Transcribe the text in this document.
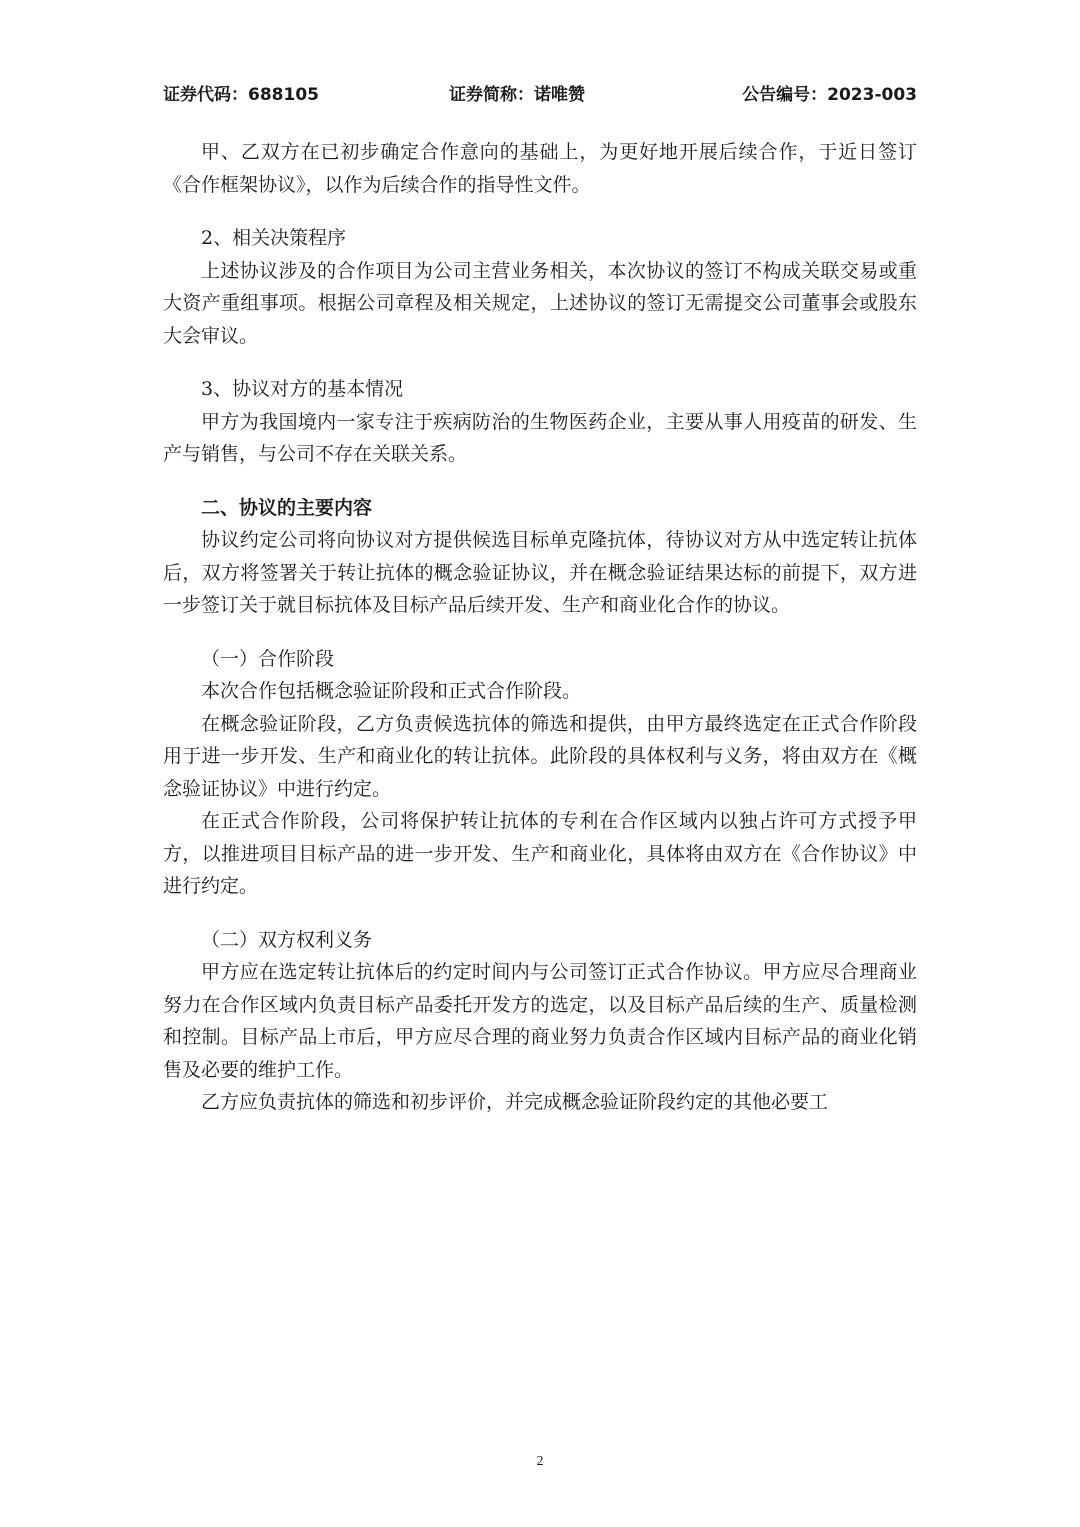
证券代码：688105	证券简称：诺唯赞	公告编号：2023-003

甲、乙双方在已初步确定合作意向的基础上，为更好地开展后续合作，于近日签订《合作框架协议》，以作为后续合作的指导性文件。

2、相关决策程序

上述协议涉及的合作项目为公司主营业务相关，本次协议的签订不构成关联交易或重大资产重组事项。根据公司章程及相关规定，上述协议的签订无需提交公司董事会或股东大会审议。

3、协议对方的基本情况

甲方为我国境内一家专注于疾病防治的生物医药企业，主要从事人用疫苗的研发、生产与销售，与公司不存在关联关系。

二、协议的主要内容

协议约定公司将向协议对方提供候选目标单克隆抗体，待协议对方从中选定转让抗体后，双方将签署关于转让抗体的概念验证协议，并在概念验证结果达标的前提下，双方进一步签订关于就目标抗体及目标产品后续开发、生产和商业化合作的协议。

（一）合作阶段

本次合作包括概念验证阶段和正式合作阶段。

在概念验证阶段，乙方负责候选抗体的筛选和提供，由甲方最终选定在正式合作阶段用于进一步开发、生产和商业化的转让抗体。此阶段的具体权利与义务，将由双方在《概念验证协议》中进行约定。

在正式合作阶段，公司将保护转让抗体的专利在合作区域内以独占许可方式授予甲方，以推进项目目标产品的进一步开发、生产和商业化，具体将由双方在《合作协议》中进行约定。

（二）双方权利义务

甲方应在选定转让抗体后的约定时间内与公司签订正式合作协议。甲方应尽合理商业努力在合作区域内负责目标产品委托开发方的选定，以及目标产品后续的生产、质量检测和控制。目标产品上市后，甲方应尽合理的商业努力负责合作区域内目标产品的商业化销售及必要的维护工作。

乙方应负责抗体的筛选和初步评价，并完成概念验证阶段约定的其他必要工

2
